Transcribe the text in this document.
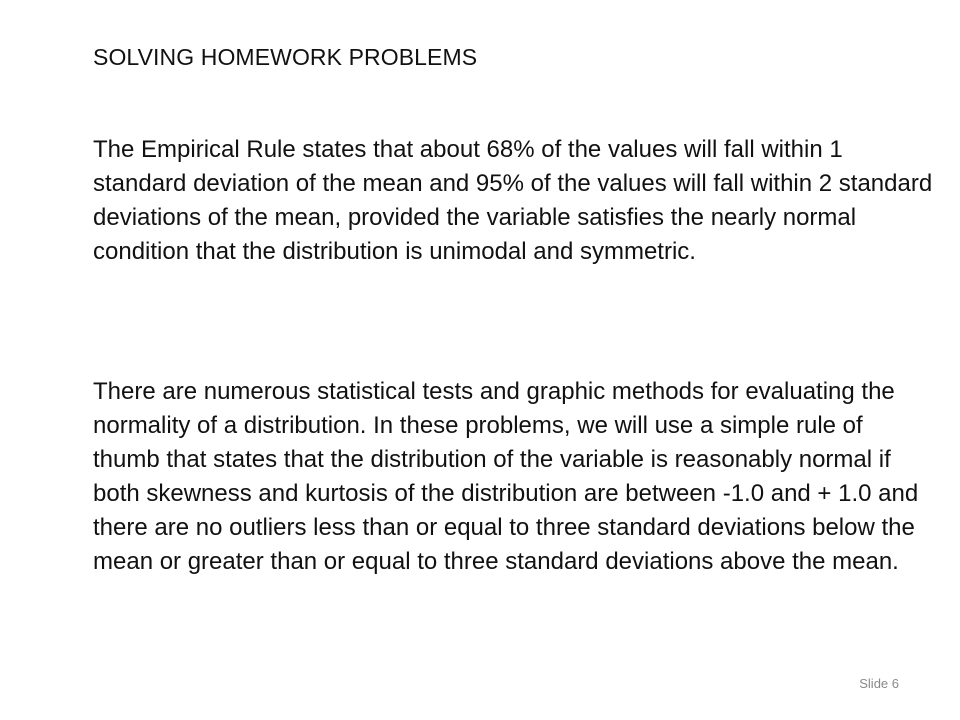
SOLVING HOMEWORK PROBLEMS

The Empirical Rule states that about 68% of the values will fall within 1 standard deviation of the mean and 95% of the values will fall within 2 standard deviations of the mean, provided the variable satisfies the nearly normal condition that the distribution is unimodal and symmetric.

There are numerous statistical tests and graphic methods for evaluating the normality of a distribution. In these problems, we will use a simple rule of thumb that states that the distribution of the variable is reasonably normal if both skewness and kurtosis of the distribution are between -1.0 and + 1.0 and there are no outliers less than or equal to three standard deviations below the mean or greater than or equal to three standard deviations above the mean.

Slide 6
